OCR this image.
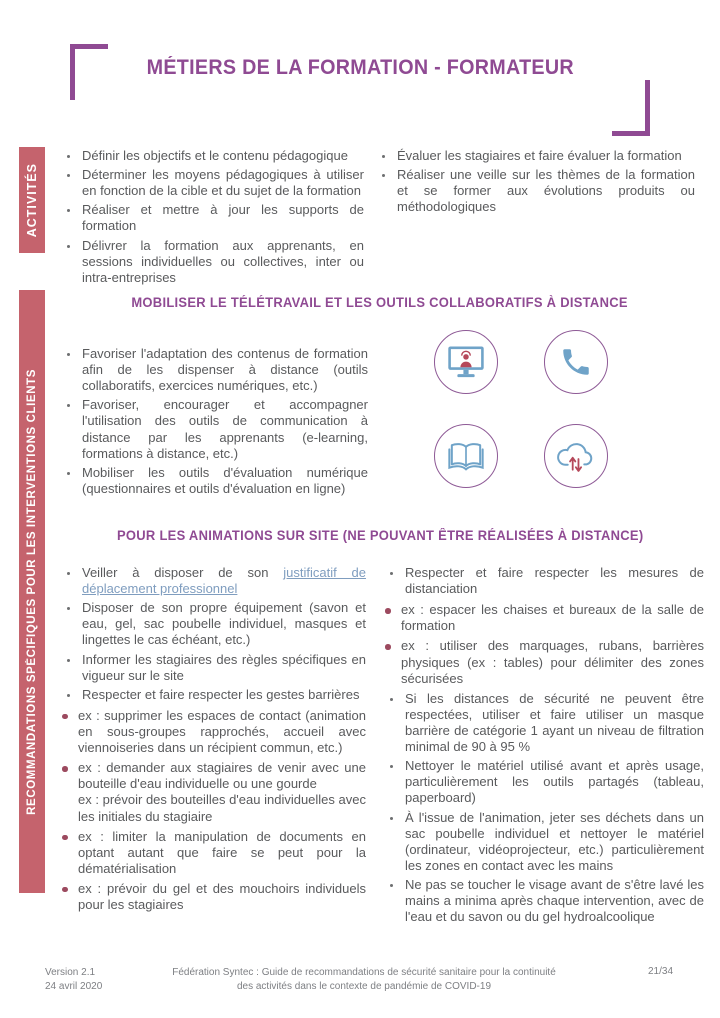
MÉTIERS DE LA FORMATION - FORMATEUR
ACTIVITÉS
Définir les objectifs et le contenu pédagogique
Déterminer les moyens pédagogiques à utiliser en fonction de la cible et du sujet de la formation
Réaliser et mettre à jour les supports de formation
Délivrer la formation aux apprenants, en sessions individuelles ou collectives, inter ou intra-entreprises
Évaluer les stagiaires et faire évaluer la formation
Réaliser une veille sur les thèmes de la formation et se former aux évolutions produits ou méthodologiques
RECOMMANDATIONS SPÉCIFIQUES POUR LES INTERVENTIONS CLIENTS
MOBILISER LE TÉLÉTRAVAIL ET LES OUTILS COLLABORATIFS À DISTANCE
Favoriser l'adaptation des contenus de formation afin de les dispenser à distance (outils collaboratifs, exercices numériques, etc.)
Favoriser, encourager et accompagner l'utilisation des outils de communication à distance par les apprenants (e-learning, formations à distance, etc.)
Mobiliser les outils d'évaluation numérique (questionnaires et outils d'évaluation en ligne)
POUR LES ANIMATIONS SUR SITE (NE POUVANT ÊTRE RÉALISÉES À DISTANCE)
Veiller à disposer de son justificatif de déplacement professionnel
Disposer de son propre équipement (savon et eau, gel, sac poubelle individuel, masques et lingettes le cas échéant, etc.)
Informer les stagiaires des règles spécifiques en vigueur sur le site
Respecter et faire respecter les gestes barrières
ex : supprimer les espaces de contact (animation en sous-groupes rapprochés, accueil avec viennoiseries dans un récipient commun, etc.)
ex : demander aux stagiaires de venir avec une bouteille d'eau individuelle ou une gourde
ex : prévoir des bouteilles d'eau individuelles avec les initiales du stagiaire
ex : limiter la manipulation de documents en optant autant que faire se peut pour la dématérialisation
ex : prévoir du gel et des mouchoirs individuels pour les stagiaires
Respecter et faire respecter les mesures de distanciation
ex : espacer les chaises et bureaux de la salle de formation
ex : utiliser des marquages, rubans, barrières physiques (ex : tables) pour délimiter des zones sécurisées
Si les distances de sécurité ne peuvent être respectées, utiliser et faire utiliser un masque barrière de catégorie 1 ayant un niveau de filtration minimal de 90 à 95 %
Nettoyer le matériel utilisé avant et après usage, particulièrement les outils partagés (tableau, paperboard)
À l'issue de l'animation, jeter ses déchets dans un sac poubelle individuel et nettoyer le matériel (ordinateur, vidéoprojecteur, etc.) particulièrement les zones en contact avec les mains
Ne pas se toucher le visage avant de s'être lavé les mains a minima après chaque intervention, avec de l'eau et du savon ou du gel hydroalcoolique
Version 2.1
24 avril 2020
Fédération Syntec : Guide de recommandations de sécurité sanitaire pour la continuité des activités dans le contexte de pandémie de COVID-19
21/34
